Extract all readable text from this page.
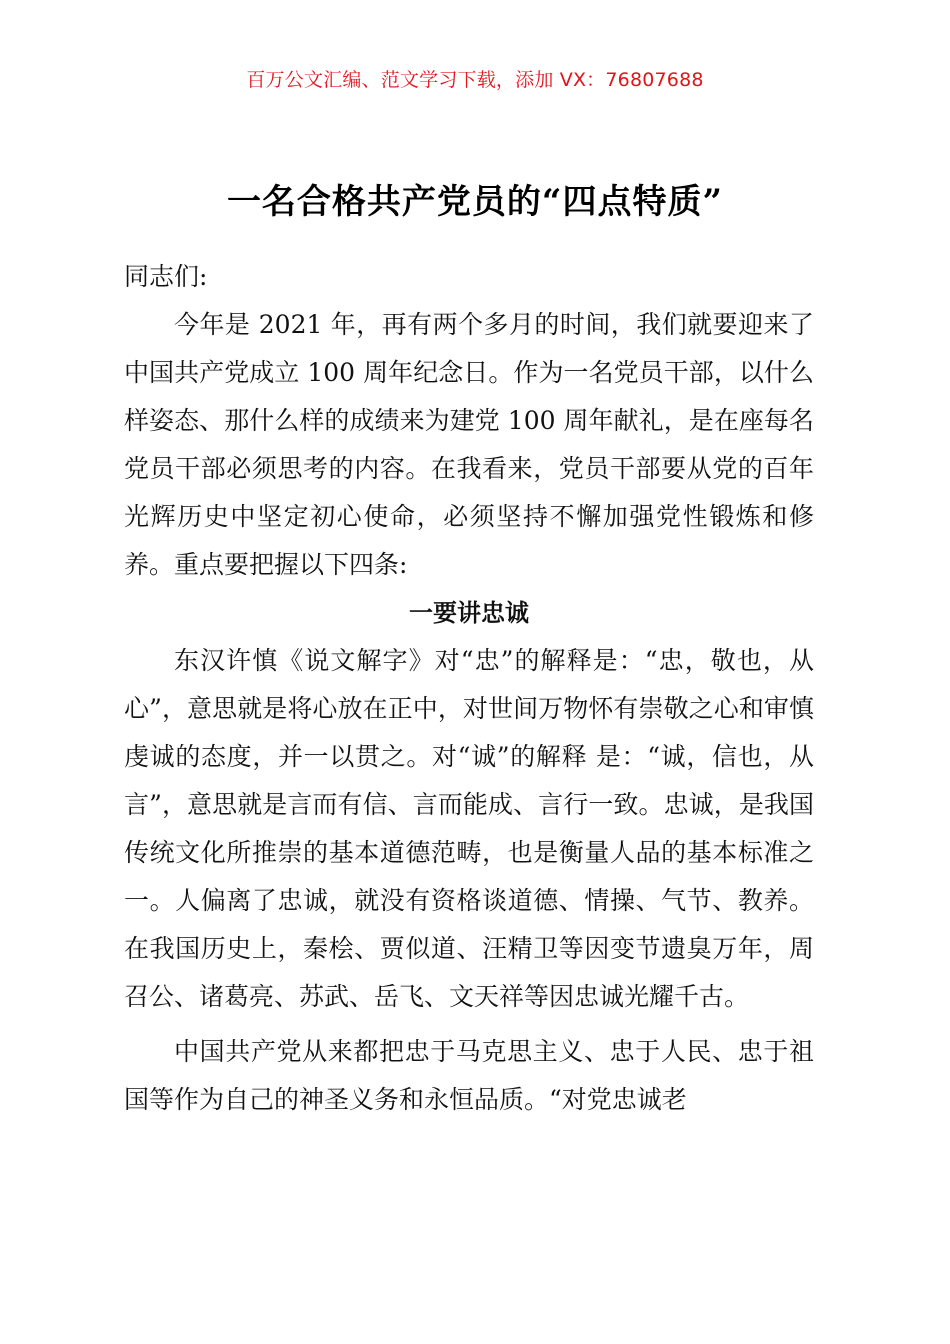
百万公文汇编、范文学习下载，添加 VX：76807688
一名合格共产党员的“四点特质”

同志们:

今年是 2021 年，再有两个多月的时间，我们就要迎来了中国共产党成立 100 周年纪念日。作为一名党员干部，以什么样姿态、那什么样的成绩来为建党 100 周年献礼，是在座每名党员干部必须思考的内容。在我看来，党员干部要从党的百年光辉历史中坚定初心使命，必须坚持不懈加强党性锻炼和修养。重点要把握以下四条:

一要讲忠诚

东汉许慎《说文解字》对“忠”的解释是：“忠，敬也，从心”，意思就是将心放在正中，对世间万物怀有崇敬之心和审慎虔诚的态度，并一以贯之。对“诚”的解释 是：“诚，信也，从言”，意思就是言而有信、言而能成、言行一致。忠诚，是我国传统文化所推崇的基本道德范畴，也是衡量人品的基本标准之一。人偏离了忠诚，就没有资格谈道德、情操、气节、教养。在我国历史上，秦桧、贾似道、汪精卫等因变节遗臭万年，周召公、诸葛亮、苏武、岳飞、文天祥等因忠诚光耀千古。

中国共产党从来都把忠于马克思主义、忠于人民、忠于祖国等作为自己的神圣义务和永恒品质。“对党忠诚老
